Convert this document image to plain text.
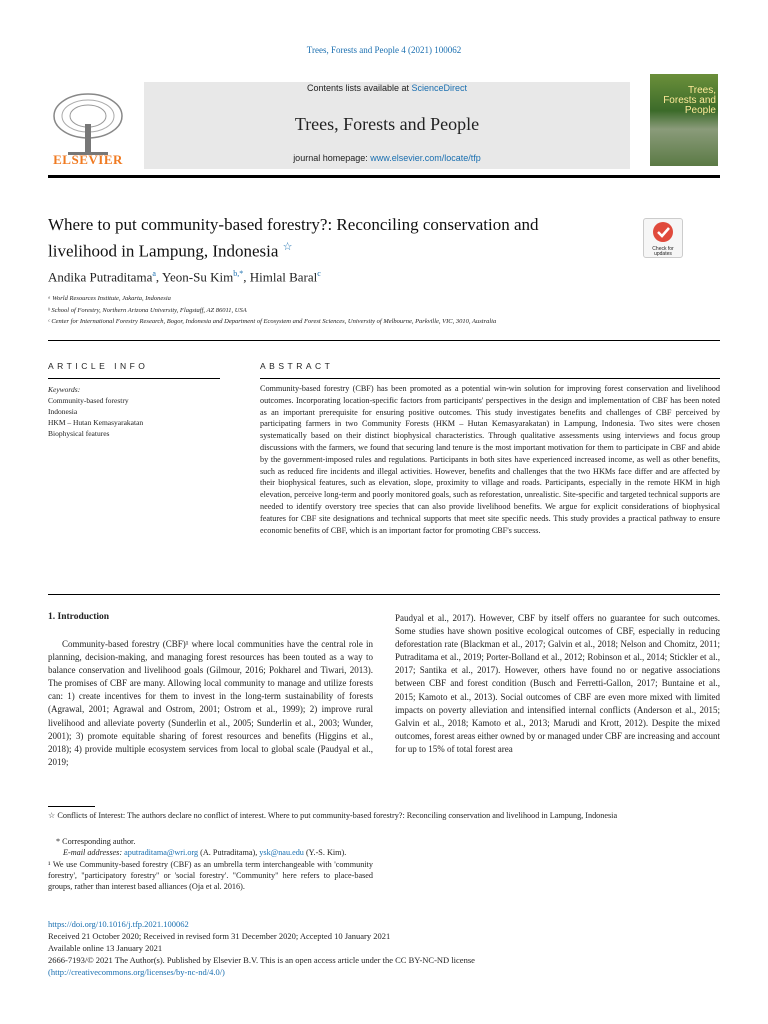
Trees, Forests and People 4 (2021) 100062
ELSEVIER
Contents lists available at ScienceDirect
Trees, Forests and People
journal homepage: www.elsevier.com/locate/tfp
Trees, Forests and People
Where to put community-based forestry?: Reconciling conservation and livelihood in Lampung, Indonesia ☆	Check for updates
Andika Putraditama$^a$, Yeon-Su Kim$^{b,*}$, Himlal Baral$^c$
ᵃ World Resources Institute, Jakarta, Indonesia
ᵇ School of Forestry, Northern Arizona University, Flagstaff, AZ 86011, USA
ᶜ Center for International Forestry Research, Bogor, Indonesia and Department of Ecosystem and Forest Sciences, University of Melbourne, Parkville, VIC, 3010, Australia
ARTICLE INFO	ABSTRACT
Keywords:
Community-based forestry
Indonesia
HKM – Hutan Kemasyarakatan
Biophysical features
Community-based forestry (CBF) has been promoted as a potential win-win solution for improving forest conservation and livelihood outcomes. Incorporating location-specific factors from participants' perspectives in the design and implementation of CBF has been noted as an important prerequisite for ensuring positive outcomes. This study investigates benefits and challenges of CBF perceived by participating farmers in two Community Forests (HKM – Hutan Kemasyarakatan) in Lampung, Indonesia. Two sites were chosen systematically based on their distinct biophysical characteristics. Through qualitative assessments using interviews and focus group discussions with the farmers, we found that securing land tenure is the most important motivation for them to participate in CBF and abide by the government-imposed rules and regulations. Participants in both sites have experienced increased income, as well as other benefits, such as reduced fire incidents and illegal activities. However, benefits and challenges that the two HKMs face differ and are affected by their biophysical features, such as elevation, slope, proximity to village and roads. Participants, especially in the remote HKM in high elevation, perceive long-term and poorly monitored goals, such as reforestation, unrealistic. Site-specific and targeted technical supports are needed to identify overstory tree species that can also provide livelihood benefits. We argue for explicit considerations of biophysical features for CBF site designations and technical supports that meet site specific needs. This study provides a practical pathway to ensure economic benefits of CBF, which is an important factor for promoting CBF's success.
1. Introduction
Community-based forestry (CBF)¹ where local communities have the central role in planning, decision-making, and managing forest resources has been touted as a way to balance conservation and livelihood goals (Gilmour, 2016; Pokharel and Tiwari, 2013). The promises of CBF are many. Allowing local community to manage and utilize forests can: 1) create incentives for them to invest in the long-term sustainability of forests (Agrawal, 2001; Agrawal and Ostrom, 2001; Ostrom et al., 1999); 2) improve rural livelihood and alleviate poverty (Sunderlin et al., 2005; Sunderlin et al., 2003; Wunder, 2001); 3) promote equitable sharing of forest resources and benefits (Higgins et al., 2018); 4) provide multiple ecosystem services from local to global scale (Paudyal et al., 2019;
Paudyal et al., 2017). However, CBF by itself offers no guarantee for such outcomes. Some studies have shown positive ecological outcomes of CBF, especially in reducing deforestation rate (Blackman et al., 2017; Galvin et al., 2018; Nelson and Chomitz, 2011; Putraditama et al., 2019; Porter-Bolland et al., 2012; Robinson et al., 2014; Stickler et al., 2017; Santika et al., 2017). However, others have found no or negative associations between CBF and forest condition (Busch and Ferretti-Gallon, 2017; Buntaine et al., 2015; Kamoto et al., 2013). Social outcomes of CBF are even more mixed with limited impacts on poverty alleviation and intensified internal conflicts (Anderson et al., 2015; Galvin et al., 2018; Kamoto et al., 2013; Marudi and Krott, 2012). Despite the mixed outcomes, forest areas either owned by or managed under CBF are increasing and account for up to 15% of total forest area
☆ Conflicts of Interest: The authors declare no conflict of interest. Where to put community-based forestry?: Reconciling conservation and livelihood in Lampung, Indonesia
* Corresponding author.
E-mail addresses: aputraditama@wri.org (A. Putraditama), ysk@nau.edu (Y.-S. Kim).
¹ We use Community-based forestry (CBF) as an umbrella term interchangeable with 'community forestry', "participatory forestry" or 'social forestry'. "Community" here refers to place-based groups, rather than interest based alliances (Oja et al. 2016).
https://doi.org/10.1016/j.tfp.2021.100062
Received 21 October 2020; Received in revised form 31 December 2020; Accepted 10 January 2021
Available online 13 January 2021
2666-7193/© 2021 The Author(s). Published by Elsevier B.V. This is an open access article under the CC BY-NC-ND license
(http://creativecommons.org/licenses/by-nc-nd/4.0/)
